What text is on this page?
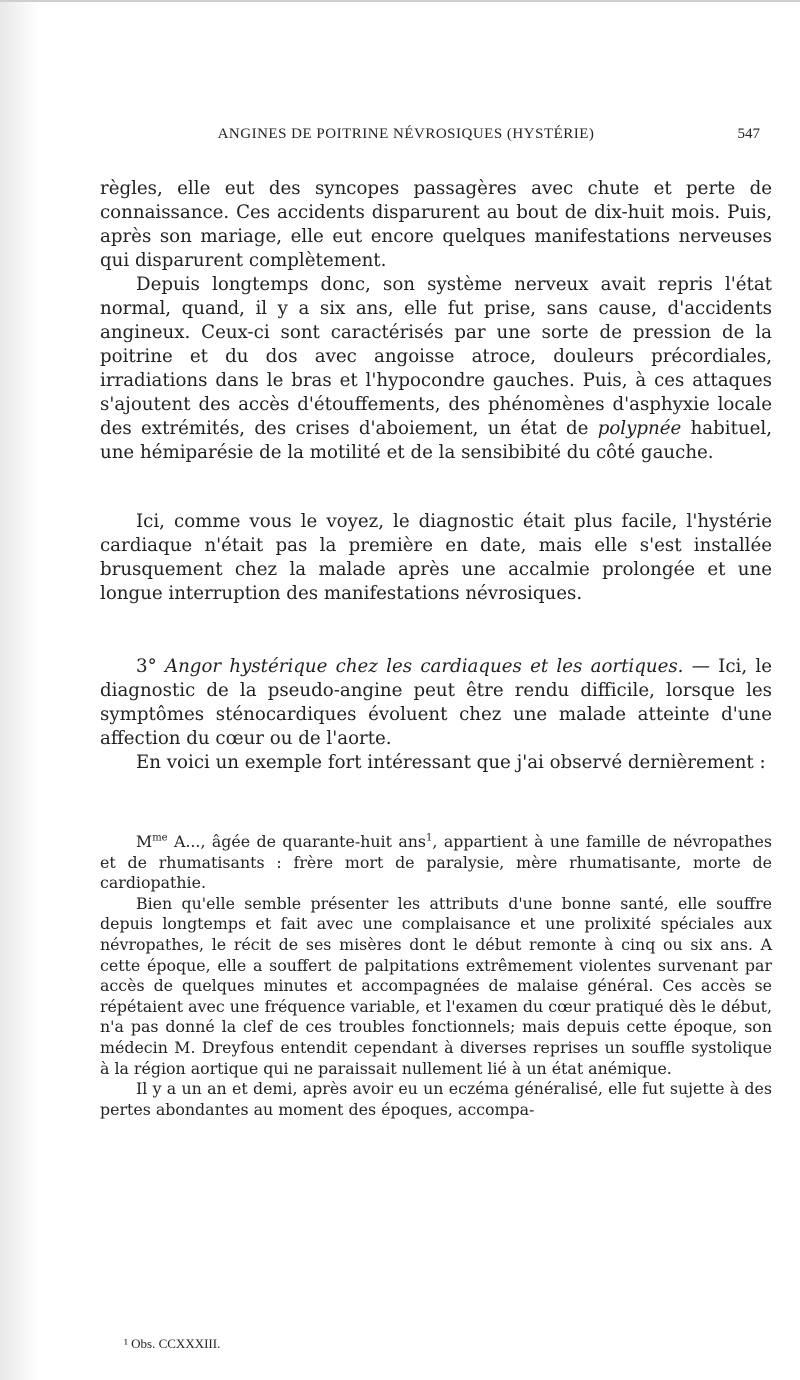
ANGINES DE POITRINE NÉVROSIQUES (HYSTÉRIE)	547

règles, elle eut des syncopes passagères avec chute et perte de connaissance. Ces accidents disparurent au bout de dix-huit mois. Puis, après son mariage, elle eut encore quelques manifestations nerveuses qui disparurent complètement.

Depuis longtemps donc, son système nerveux avait repris l'état normal, quand, il y a six ans, elle fut prise, sans cause, d'accidents angineux. Ceux-ci sont caractérisés par une sorte de pression de la poitrine et du dos avec angoisse atroce, douleurs précordiales, irradiations dans le bras et l'hypocondre gauches. Puis, à ces attaques s'ajoutent des accès d'étouffements, des phénomènes d'asphyxie locale des extrémités, des crises d'aboiement, un état de polypnée habituel, une hémiparésie de la motilité et de la sensibibité du côté gauche.

Ici, comme vous le voyez, le diagnostic était plus facile, l'hystérie cardiaque n'était pas la première en date, mais elle s'est installée brusquement chez la malade après une accalmie prolongée et une longue interruption des manifestations névrosiques.

3° Angor hystérique chez les cardiaques et les aortiques. — Ici, le diagnostic de la pseudo-angine peut être rendu difficile, lorsque les symptômes sténocardiques évoluent chez une malade atteinte d'une affection du cœur ou de l'aorte.

En voici un exemple fort intéressant que j'ai observé dernièrement :

$M^{me}$ A..., âgée de quarante-huit ans$^1$, appartient à une famille de névropathes et de rhumatisants : frère mort de paralysie, mère rhumatisante, morte de cardiopathie.

Bien qu'elle semble présenter les attributs d'une bonne santé, elle souffre depuis longtemps et fait avec une complaisance et une prolixité spéciales aux névropathes, le récit de ses misères dont le début remonte à cinq ou six ans. A cette époque, elle a souffert de palpitations extrêmement violentes survenant par accès de quelques minutes et accompagnées de malaise général. Ces accès se répétaient avec une fréquence variable, et l'examen du cœur pratiqué dès le début, n'a pas donné la clef de ces troubles fonctionnels; mais depuis cette époque, son médecin M. Dreyfous entendit cependant à diverses reprises un souffle systolique à la région aortique qui ne paraissait nullement lié à un état anémique.

Il y a un an et demi, après avoir eu un eczéma généralisé, elle fut sujette à des pertes abondantes au moment des époques, accompa-

¹ Obs. CCXXXIII.
